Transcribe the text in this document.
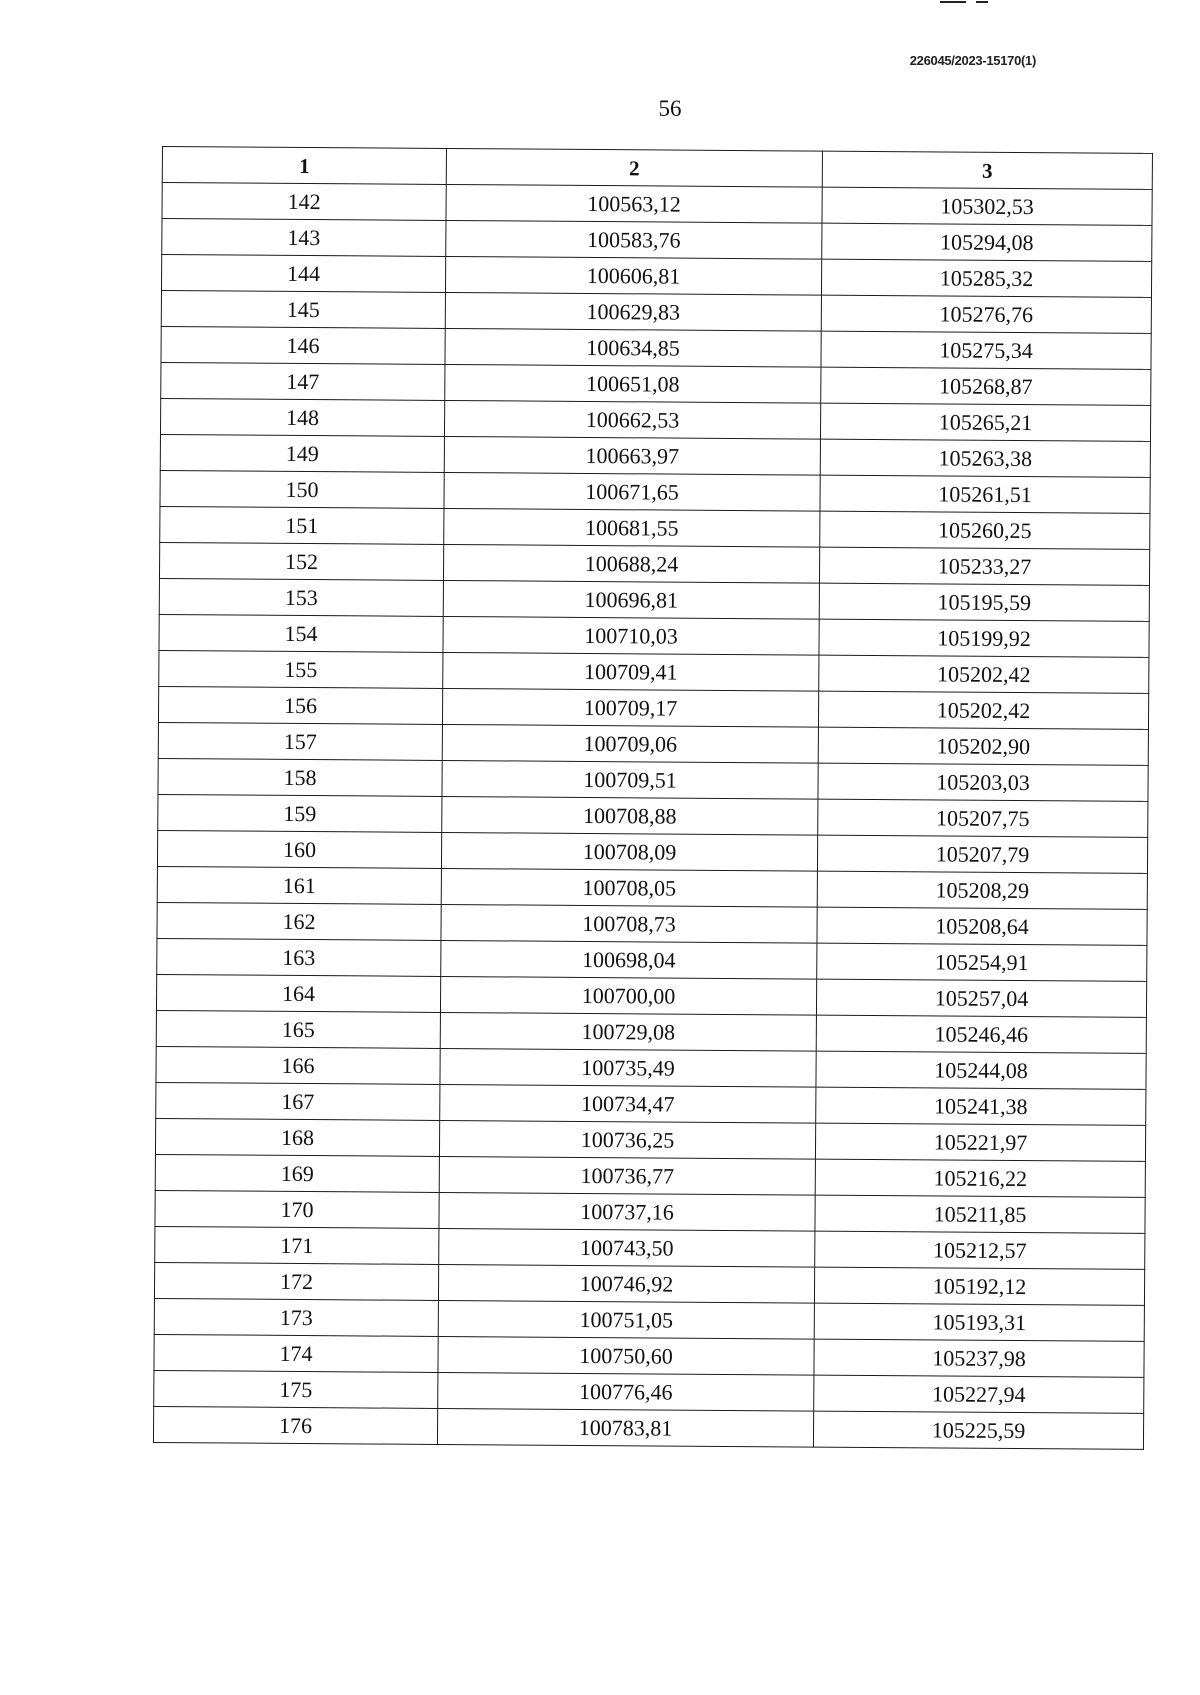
226045/2023-15170(1)
56
1	2	3
142	100563,12	105302,53
143	100583,76	105294,08
144	100606,81	105285,32
145	100629,83	105276,76
146	100634,85	105275,34
147	100651,08	105268,87
148	100662,53	105265,21
149	100663,97	105263,38
150	100671,65	105261,51
151	100681,55	105260,25
152	100688,24	105233,27
153	100696,81	105195,59
154	100710,03	105199,92
155	100709,41	105202,42
156	100709,17	105202,42
157	100709,06	105202,90
158	100709,51	105203,03
159	100708,88	105207,75
160	100708,09	105207,79
161	100708,05	105208,29
162	100708,73	105208,64
163	100698,04	105254,91
164	100700,00	105257,04
165	100729,08	105246,46
166	100735,49	105244,08
167	100734,47	105241,38
168	100736,25	105221,97
169	100736,77	105216,22
170	100737,16	105211,85
171	100743,50	105212,57
172	100746,92	105192,12
173	100751,05	105193,31
174	100750,60	105237,98
175	100776,46	105227,94
176	100783,81	105225,59
